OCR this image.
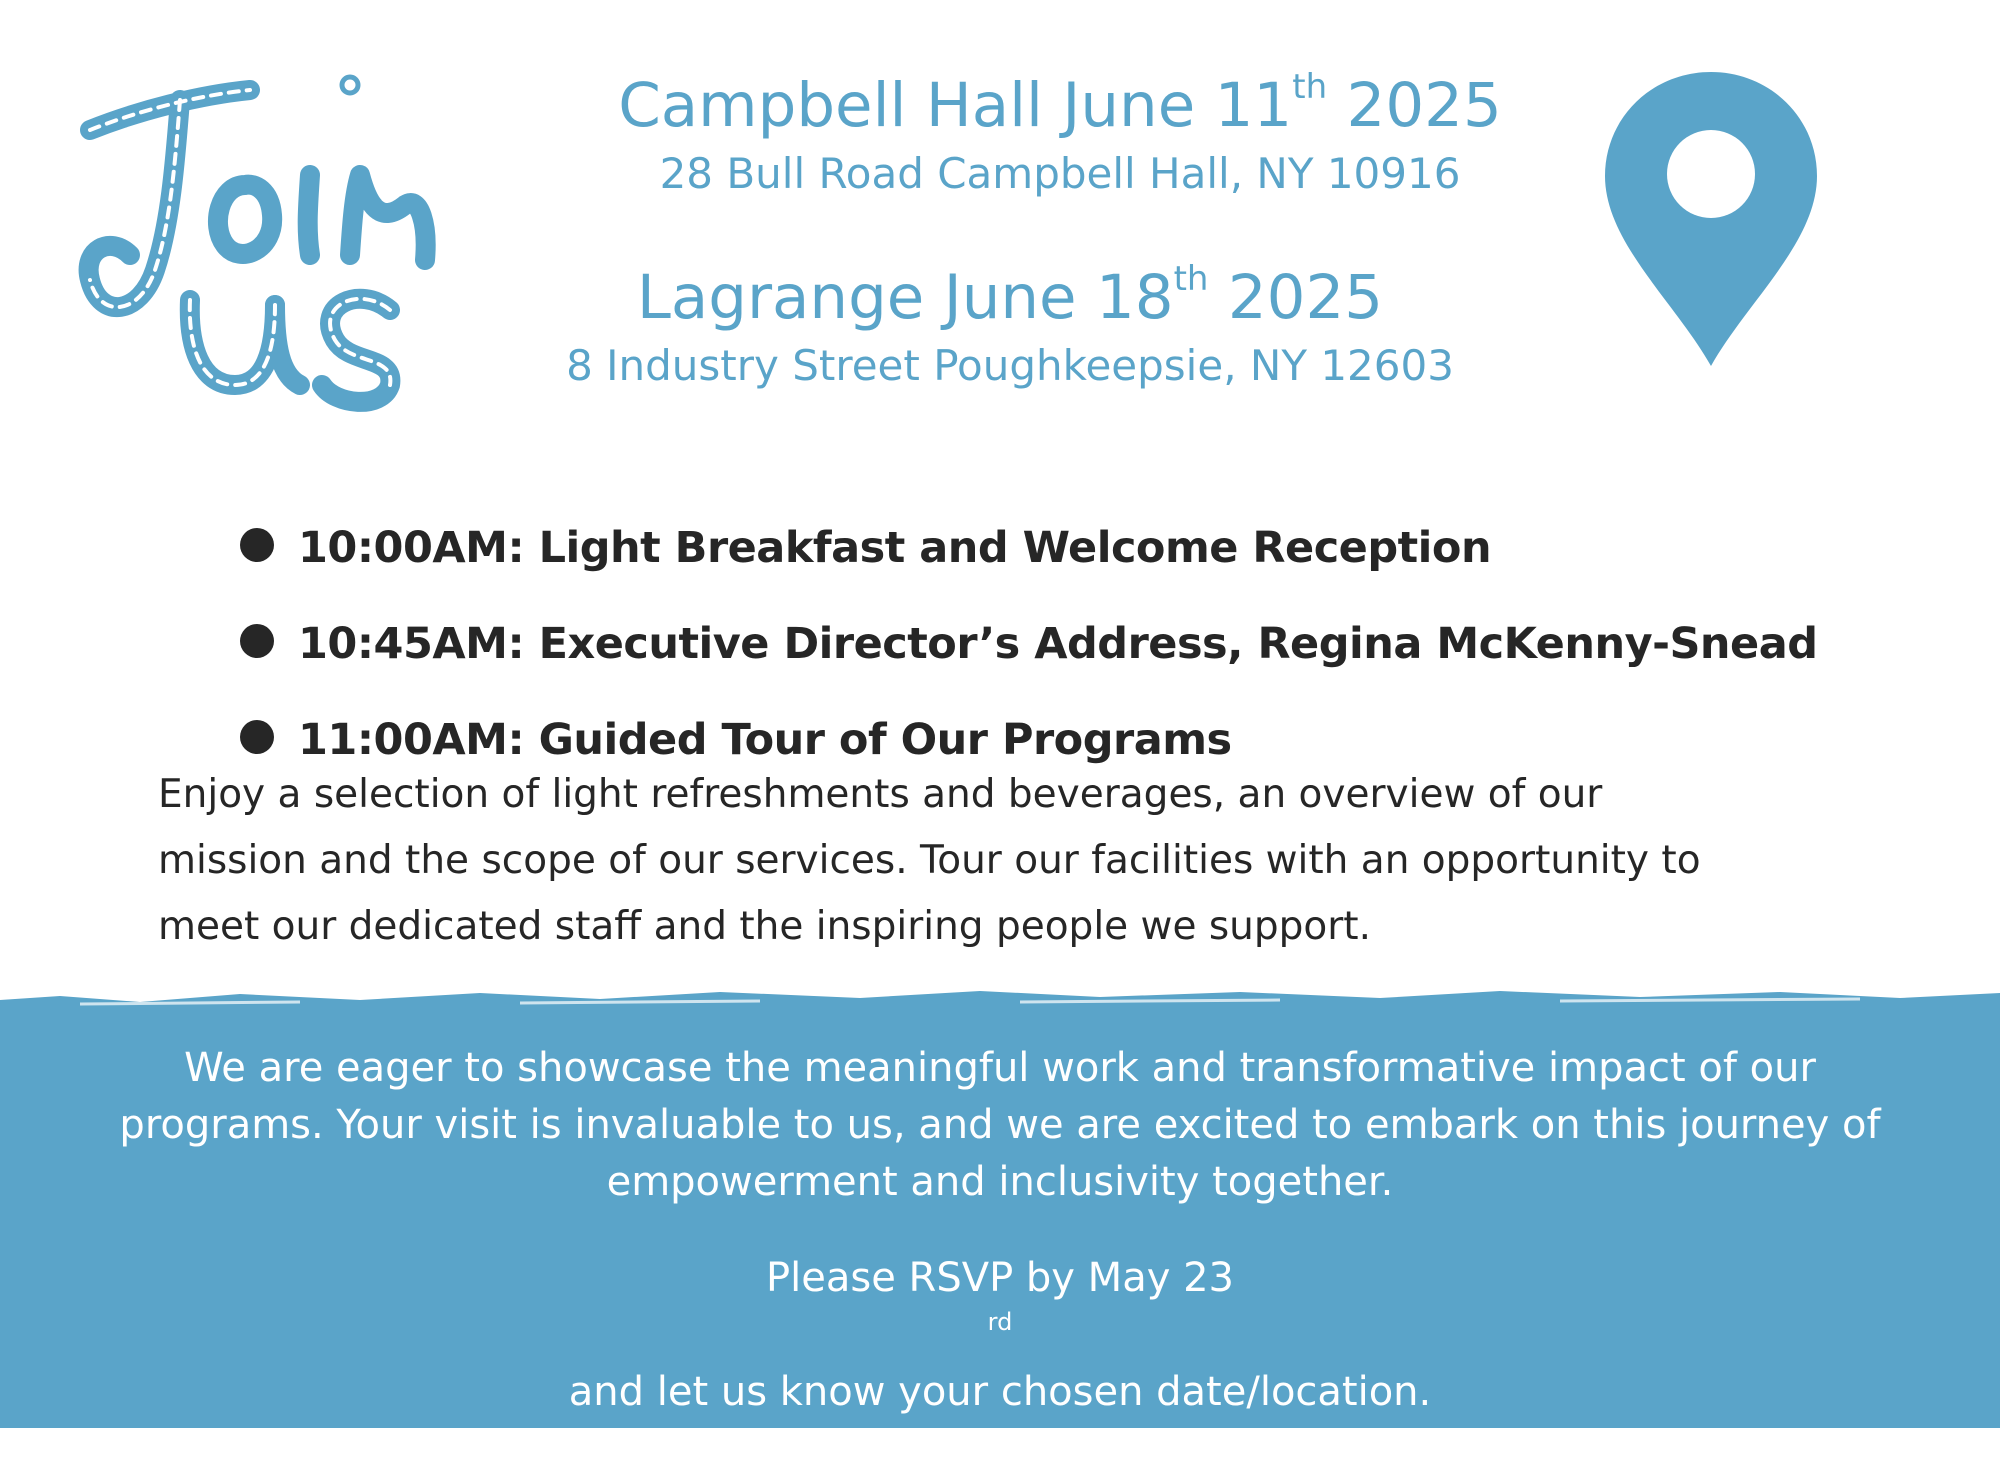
Campbell Hall June 11th 2025
28 Bull Road Campbell Hall, NY 10916
Lagrange June 18th 2025
8 Industry Street Poughkeepsie, NY 12603
10:00AM: Light Breakfast and Welcome Reception
10:45AM: Executive Director’s Address, Regina McKenny-Snead
11:00AM: Guided Tour of Our Programs

Enjoy a selection of light refreshments and beverages, an overview of our
mission and the scope of our services. Tour our facilities with an opportunity to
meet our dedicated staff and the inspiring people we support.

We are eager to showcase the meaningful work and transformative impact of our
programs. Your visit is invaluable to us, and we are excited to embark on this journey of
empowerment and inclusivity together.
Please RSVP by May 23
$^{rd}$
and let us know your chosen date/location.
Please contact Nicole Morris at nmorris@arcghvny.org or 845-513-5720.
